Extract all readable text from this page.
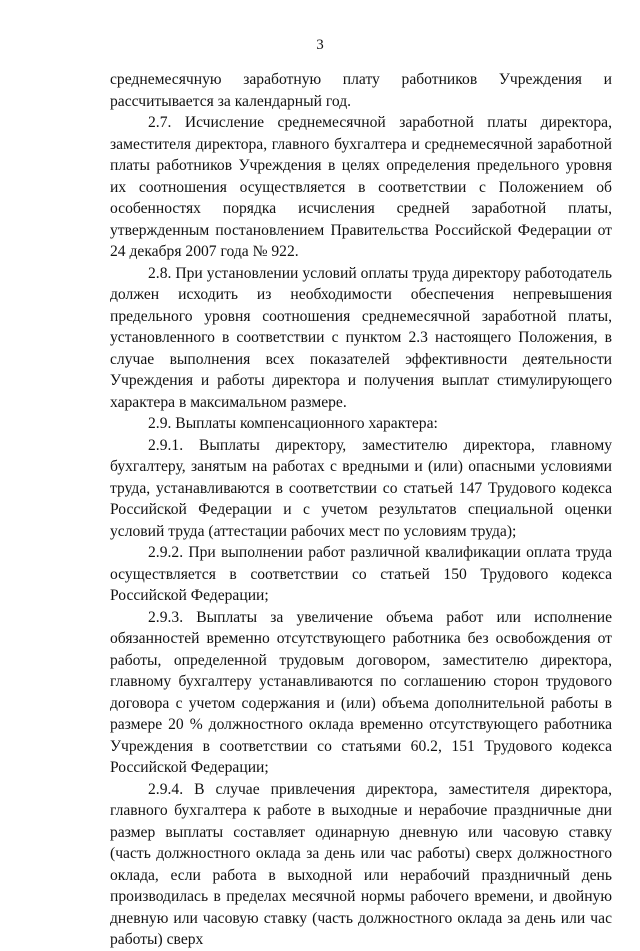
3

среднемесячную заработную плату работников Учреждения и рассчитывается за календарный год.

2.7. Исчисление среднемесячной заработной платы директора, заместителя директора, главного бухгалтера и среднемесячной заработной платы работников Учреждения в целях определения предельного уровня их соотношения осуществляется в соответствии с Положением об особенностях порядка исчисления средней заработной платы, утвержденным постановлением Правительства Российской Федерации от 24 декабря 2007 года № 922.

2.8. При установлении условий оплаты труда директору работодатель должен исходить из необходимости обеспечения непревышения предельного уровня соотношения среднемесячной заработной платы, установленного в соответствии с пунктом 2.3 настоящего Положения, в случае выполнения всех показателей эффективности деятельности Учреждения и работы директора и получения выплат стимулирующего характера в максимальном размере.

2.9. Выплаты компенсационного характера:

2.9.1. Выплаты директору, заместителю директора, главному бухгалтеру, занятым на работах с вредными и (или) опасными условиями труда, устанавливаются в соответствии со статьей 147 Трудового кодекса Российской Федерации и с учетом результатов специальной оценки условий труда (аттестации рабочих мест по условиям труда);

2.9.2. При выполнении работ различной квалификации оплата труда осуществляется в соответствии со статьей 150 Трудового кодекса Российской Федерации;

2.9.3. Выплаты за увеличение объема работ или исполнение обязанностей временно отсутствующего работника без освобождения от работы, определенной трудовым договором, заместителю директора, главному бухгалтеру устанавливаются по соглашению сторон трудового договора с учетом содержания и (или) объема дополнительной работы в размере 20 % должностного оклада временно отсутствующего работника Учреждения в соответствии со статьями 60.2, 151 Трудового кодекса Российской Федерации;

2.9.4. В случае привлечения директора, заместителя директора, главного бухгалтера к работе в выходные и нерабочие праздничные дни размер выплаты составляет одинарную дневную или часовую ставку (часть должностного оклада за день или час работы) сверх должностного оклада, если работа в выходной или нерабочий праздничный день производилась в пределах месячной нормы рабочего времени, и двойную дневную или часовую ставку (часть должностного оклада за день или час работы) сверх
